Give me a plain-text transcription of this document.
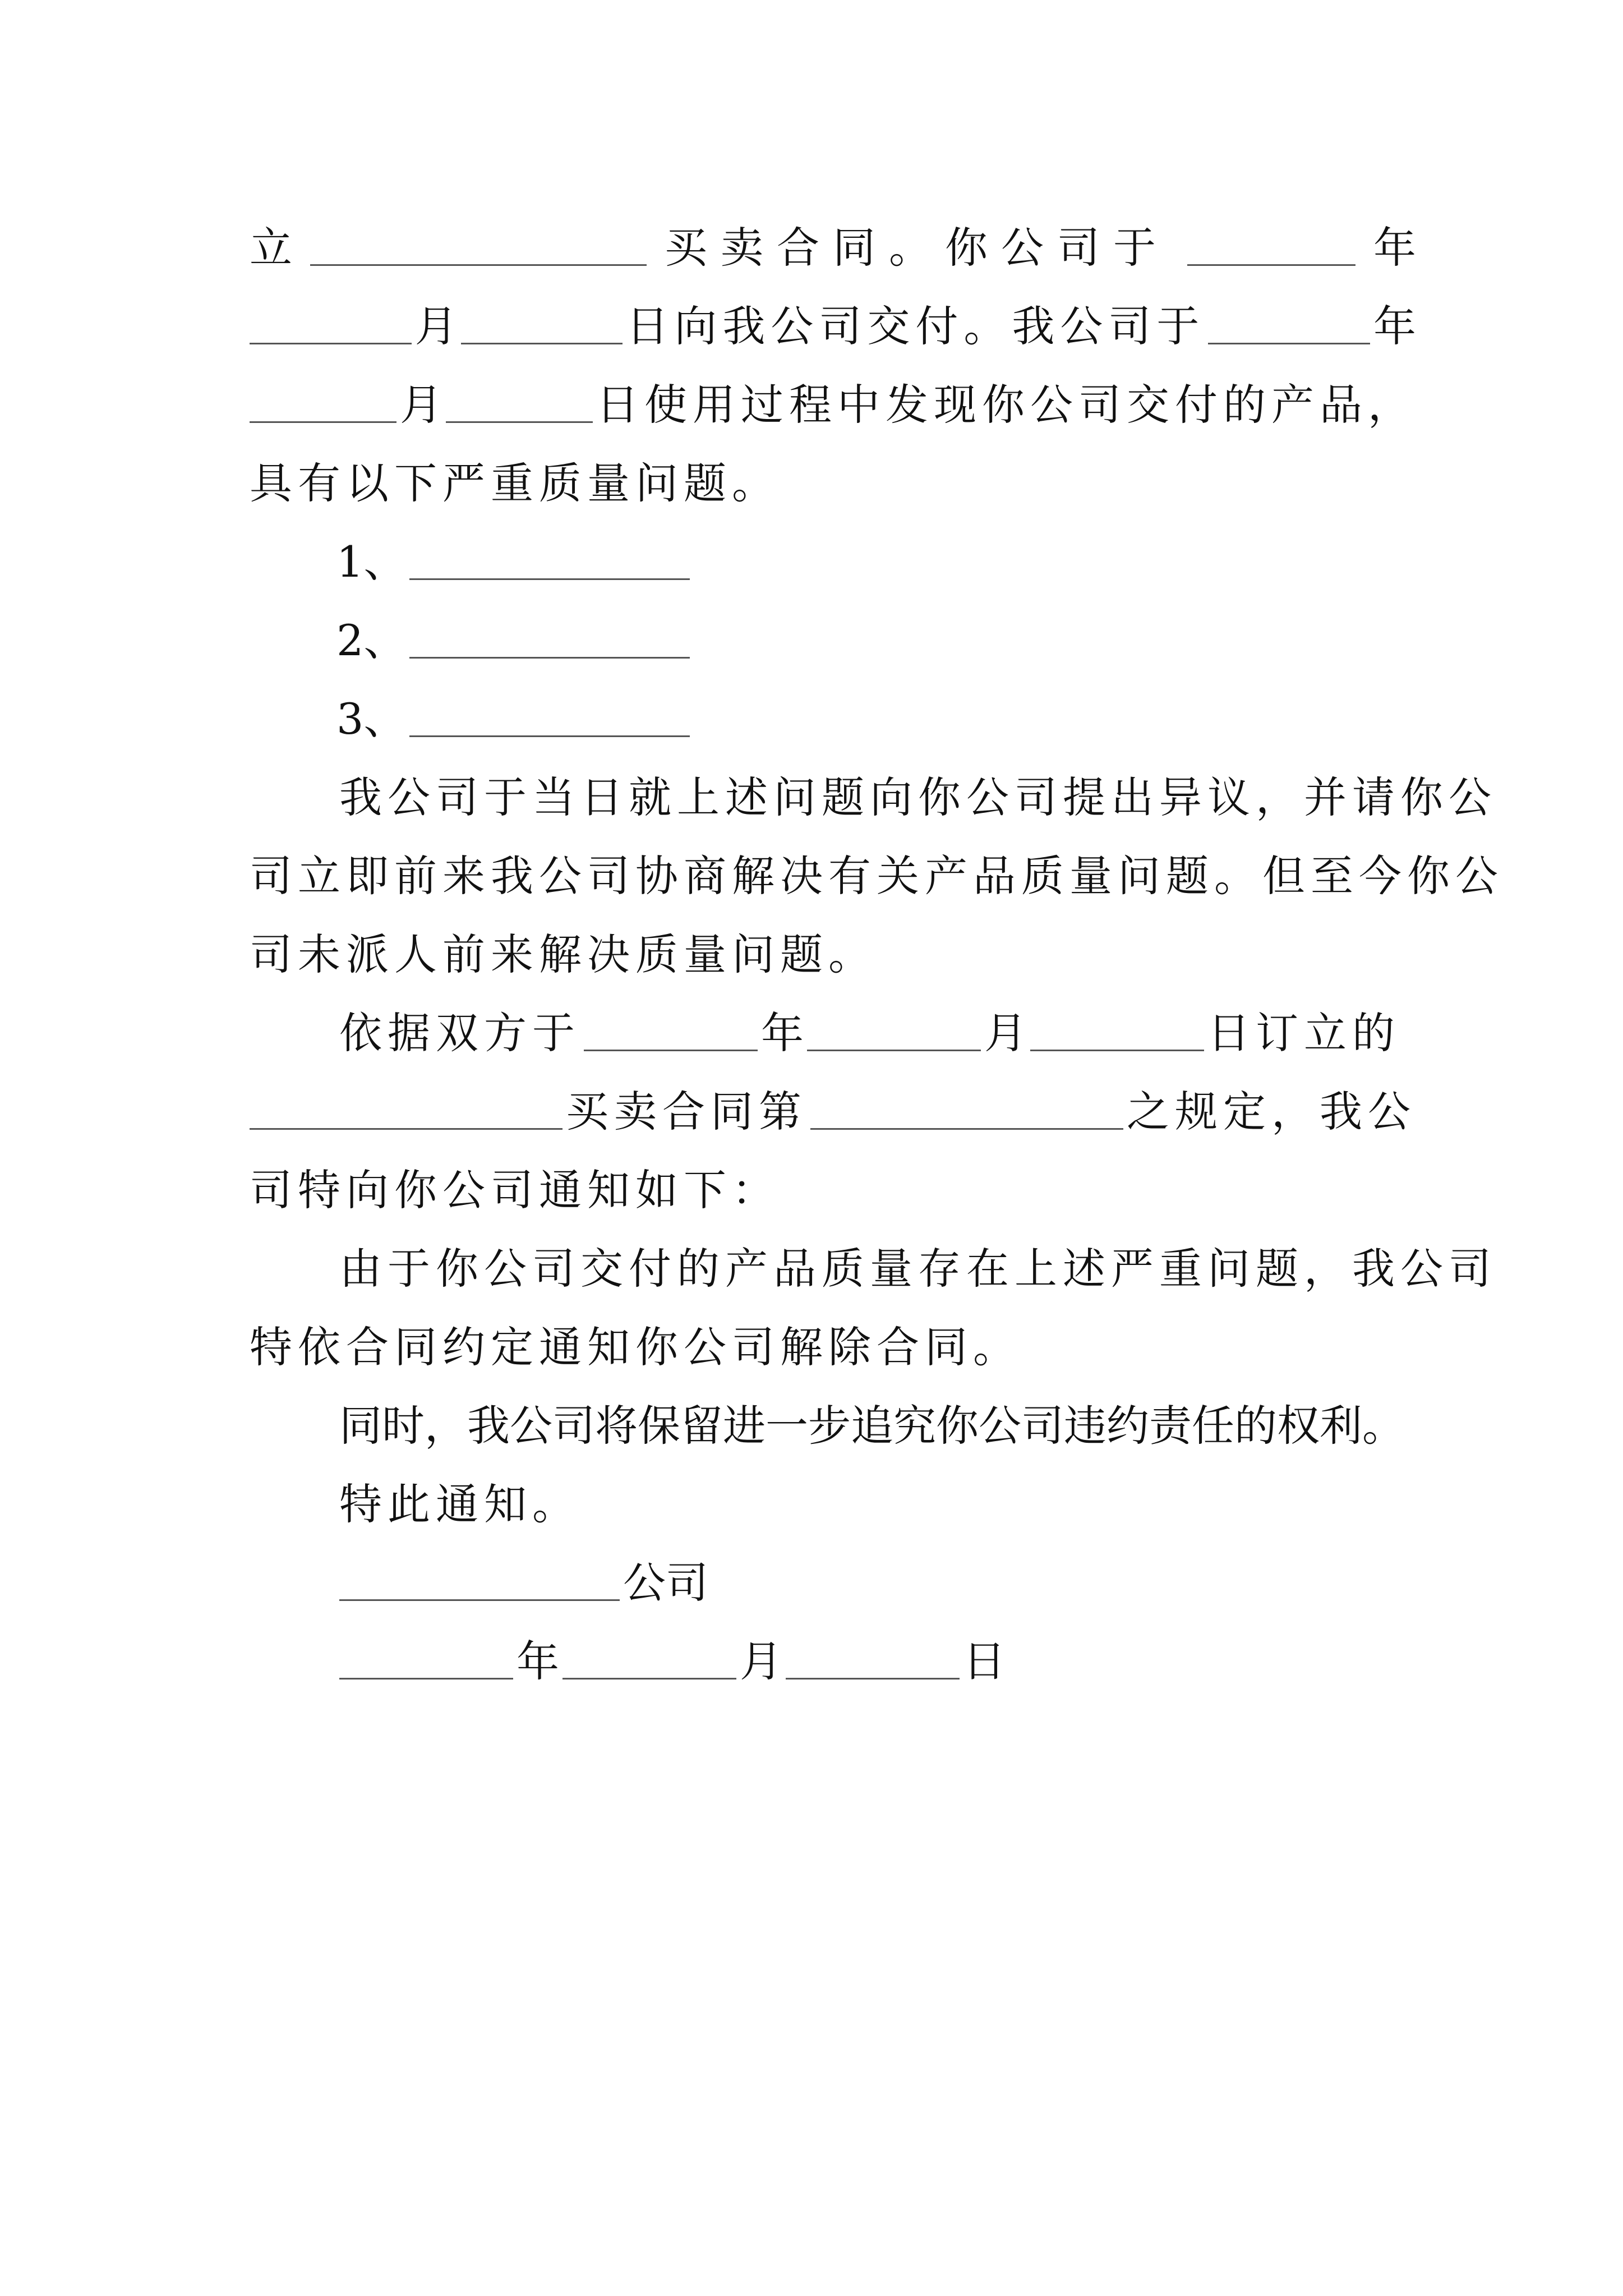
立	买卖合同。你公司于	年
月	日向我公司交付。我公司于	年
月	日使用过程中发现你公司交付的产品，
具有以下严重质量问题。
1、
2、
3、
我公司于当日就上述问题向你公司提出异议，并请你公
司立即前来我公司协商解决有关产品质量问题。但至今你公
司未派人前来解决质量问题。
依据双方于	年	月	日订立的
买卖合同第	之规定，我公
司特向你公司通知如下：
由于你公司交付的产品质量存在上述严重问题，我公司
特依合同约定通知你公司解除合同。
同时，我公司将保留进一步追究你公司违约责任的权利。
特此通知。
公司
年	月	日
